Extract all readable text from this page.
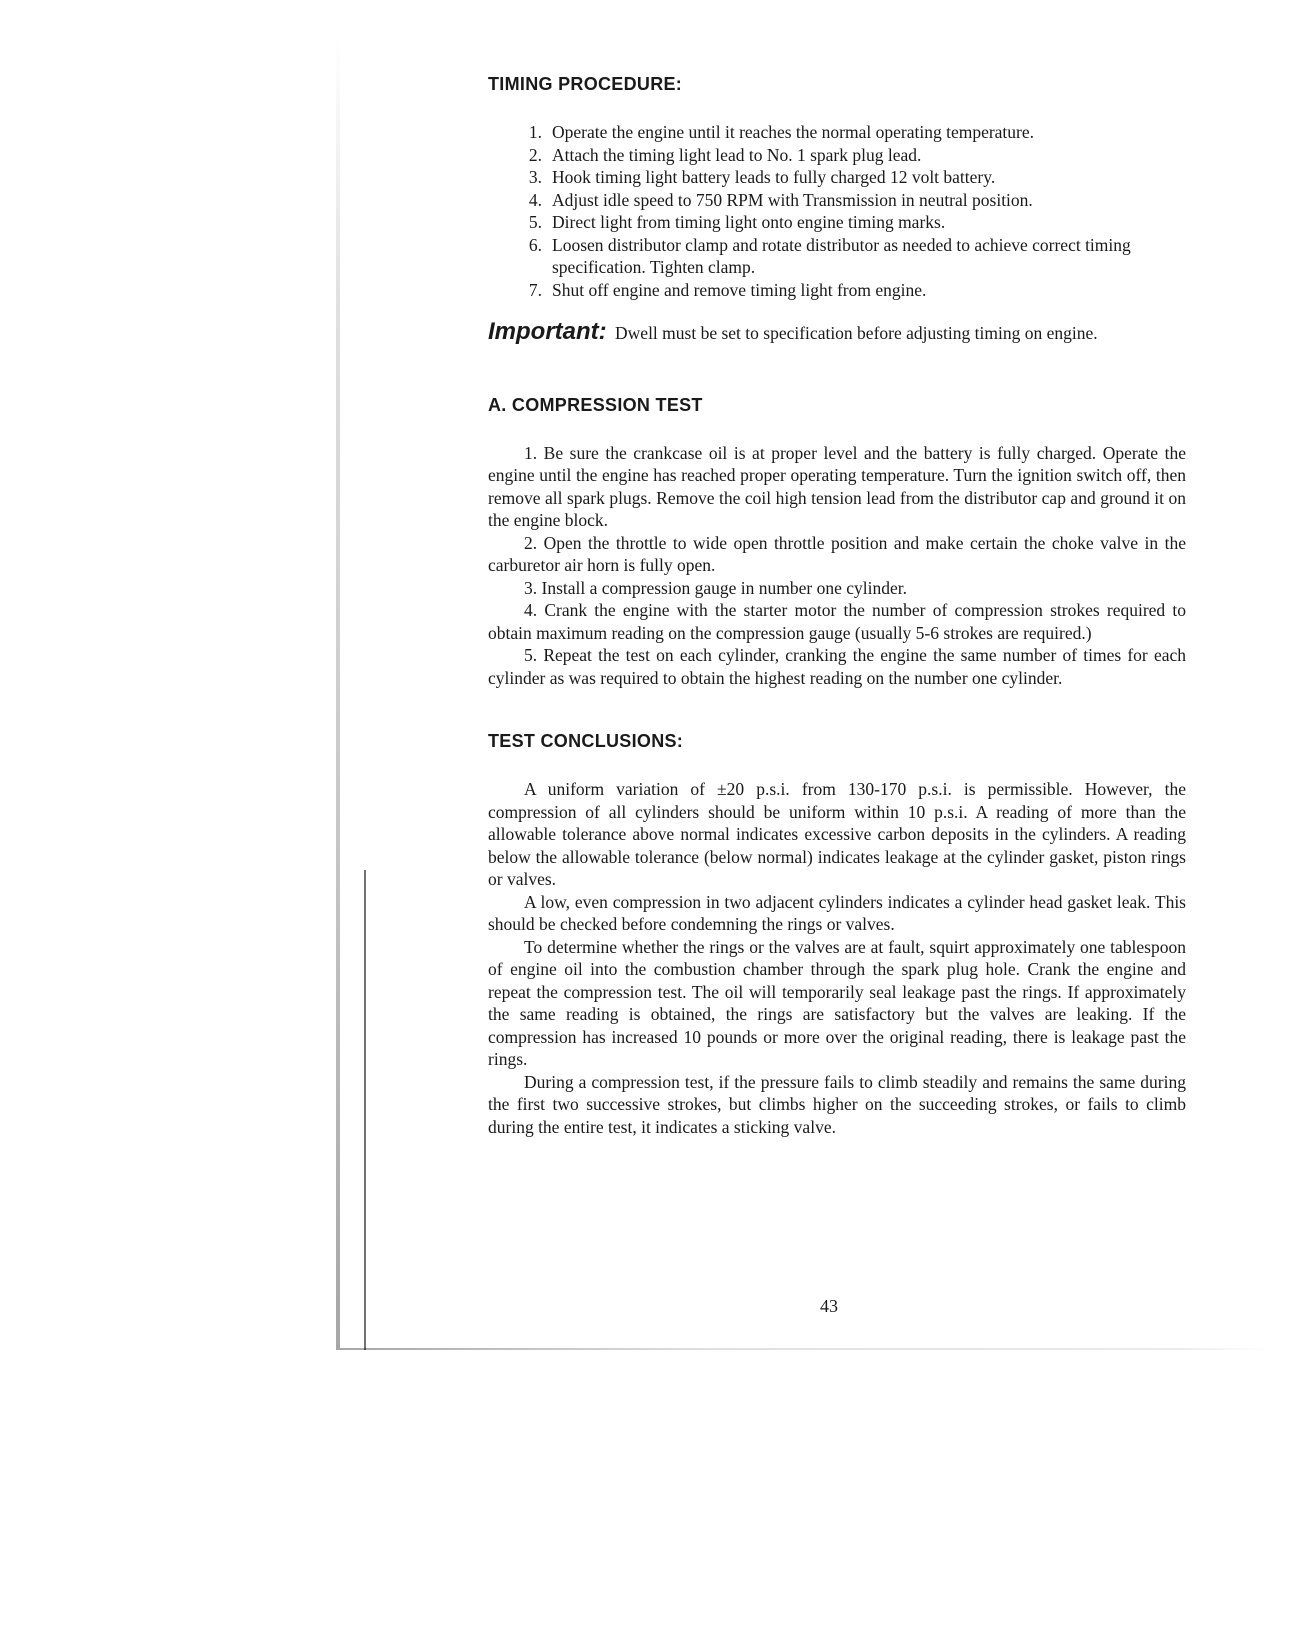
TIMING PROCEDURE:
1. Operate the engine until it reaches the normal operating temperature.
2. Attach the timing light lead to No. 1 spark plug lead.
3. Hook timing light battery leads to fully charged 12 volt battery.
4. Adjust idle speed to 750 RPM with Transmission in neutral position.
5. Direct light from timing light onto engine timing marks.
6. Loosen distributor clamp and rotate distributor as needed to achieve correct timing specification. Tighten clamp.
7. Shut off engine and remove timing light from engine.

Important: Dwell must be set to specification before adjusting timing on engine.

A. COMPRESSION TEST

1. Be sure the crankcase oil is at proper level and the battery is fully charged. Operate the engine until the engine has reached proper operating temperature. Turn the ignition switch off, then remove all spark plugs. Remove the coil high tension lead from the distributor cap and ground it on the engine block.

2. Open the throttle to wide open throttle position and make certain the choke valve in the carburetor air horn is fully open.

3. Install a compression gauge in number one cylinder.

4. Crank the engine with the starter motor the number of compression strokes required to obtain maximum reading on the compression gauge (usually 5-6 strokes are required.)

5. Repeat the test on each cylinder, cranking the engine the same number of times for each cylinder as was required to obtain the highest reading on the number one cylinder.

TEST CONCLUSIONS:

A uniform variation of ±20 p.s.i. from 130-170 p.s.i. is permissible. However, the compression of all cylinders should be uniform within 10 p.s.i. A reading of more than the allowable tolerance above normal indicates excessive carbon deposits in the cylinders. A reading below the allowable tolerance (below normal) indicates leakage at the cylinder gasket, piston rings or valves.

A low, even compression in two adjacent cylinders indicates a cylinder head gasket leak. This should be checked before condemning the rings or valves.

To determine whether the rings or the valves are at fault, squirt approximately one tablespoon of engine oil into the combustion chamber through the spark plug hole. Crank the engine and repeat the compression test. The oil will temporarily seal leakage past the rings. If approximately the same reading is obtained, the rings are satisfactory but the valves are leaking. If the compression has increased 10 pounds or more over the original reading, there is leakage past the rings.

During a compression test, if the pressure fails to climb steadily and remains the same during the first two successive strokes, but climbs higher on the succeeding strokes, or fails to climb during the entire test, it indicates a sticking valve.

43
